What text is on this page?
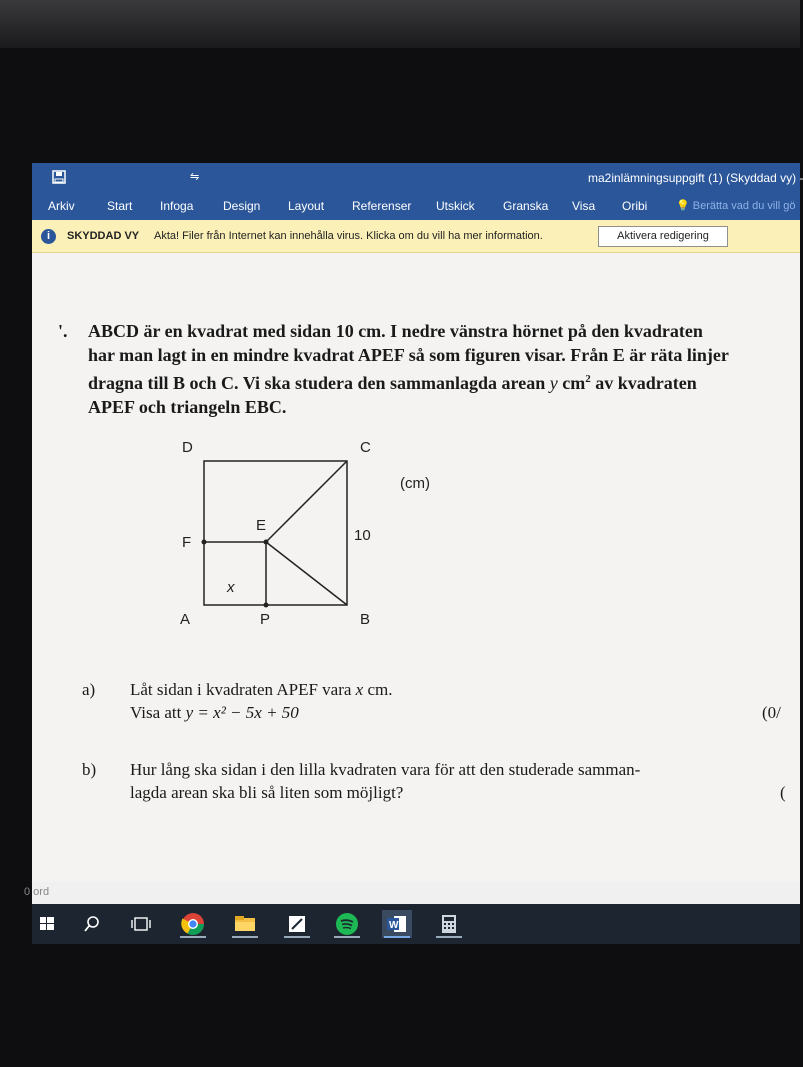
⇋	ma2inlämningsuppgift (1) (Skyddad vy) -
Arkiv	Start Infoga Design Layout Referenser Utskick Granska Visa Oribi	💡 Berätta vad du vill gö
i	SKYDDAD VY Akta! Filer från Internet kan innehålla virus. Klicka om du vill ha mer information.	Aktivera redigering
'. ABCD är en kvadrat med sidan 10 cm. I nedre vänstra hörnet på den kvadraten
har man lagt in en mindre kvadrat APEF så som figuren visar. Från E är räta linjer
dragna till B och C. Vi ska studera den sammanlagda arean y $cm^2$ av kvadraten
APEF och triangeln EBC.
D	C
(cm)
E
10
F
x
A	P	B
a) Låt sidan i kvadraten APEF vara x cm.
Visa att y = x² − 5x + 50	(0/
b) Hur lång ska sidan i den lilla kvadraten vara för att den studerade samman-
lagda arean ska bli så liten som möjligt?	(
0 ord
W
